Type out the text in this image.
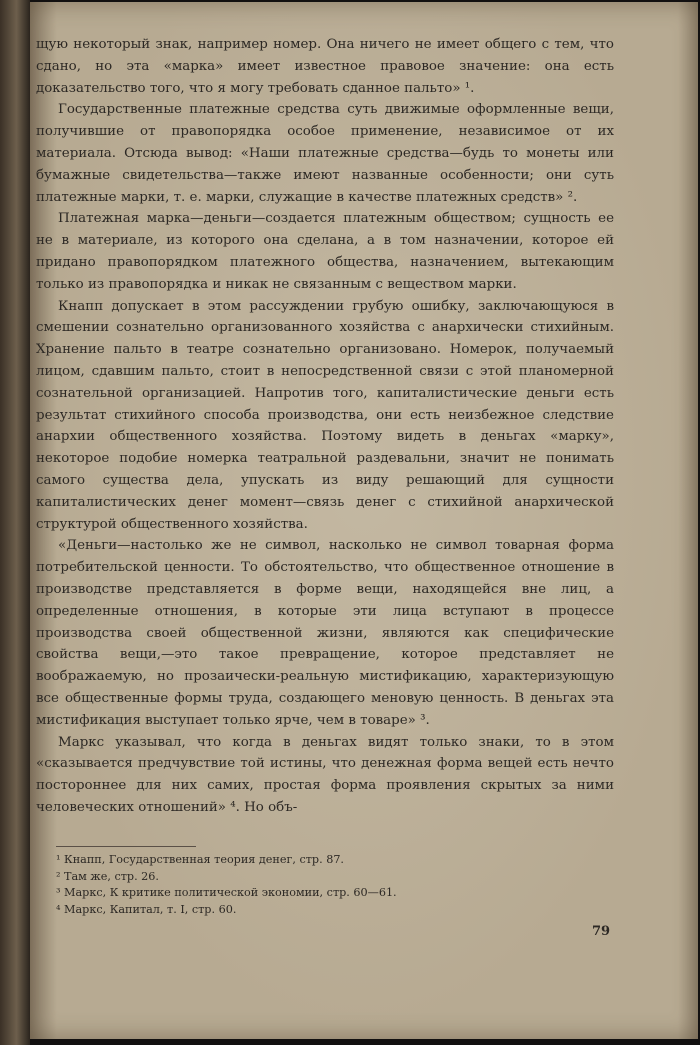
щую некоторый знак, например номер. Она ничего не имеет общего с тем, что сдано, но эта «марка» имеет известное правовое значение: она есть доказательство того, что я могу требовать сданное пальто» ¹.

Государственные платежные средства суть движимые оформленные вещи, получившие от правопорядка особое применение, независимое от их материала. Отсюда вывод: «Наши платежные средства—будь то монеты или бумажные свидетельства—также имеют названные особенности; они суть платежные марки, т. е. марки, служащие в качестве платежных средств» ².

Платежная марка—деньги—создается платежным обществом; сущность ее не в материале, из которого она сделана, а в том назначении, которое ей придано правопорядком платежного общества, назначением, вытекающим только из правопорядка и никак не связанным с веществом марки.

Кнапп допускает в этом рассуждении грубую ошибку, заключающуюся в смешении сознательно организованного хозяйства с анархически стихийным. Хранение пальто в театре сознательно организовано. Номерок, получаемый лицом, сдавшим пальто, стоит в непосредственной связи с этой планомерной сознательной организацией. Напротив того, капиталистические деньги есть результат стихийного способа производства, они есть неизбежное следствие анархии общественного хозяйства. Поэтому видеть в деньгах «марку», некоторое подобие номерка театральной раздевальни, значит не понимать самого существа дела, упускать из виду решающий для сущности капиталистических денег момент—связь денег с стихийной анархической структурой общественного хозяйства.

«Деньги—настолько же не символ, насколько не символ товарная форма потребительской ценности. То обстоятельство, что общественное отношение в производстве представляется в форме вещи, находящейся вне лиц, а определенные отношения, в которые эти лица вступают в процессе производства своей общественной жизни, являются как специфические свойства вещи,—это такое превращение, которое представляет не воображаемую, но прозаически-реальную мистификацию, характеризующую все общественные формы труда, создающего меновую ценность. В деньгах эта мистификация выступает только ярче, чем в товаре» ³.

Маркс указывал, что когда в деньгах видят только знаки, то в этом «сказывается предчувствие той истины, что денежная форма вещей есть нечто постороннее для них самих, простая форма проявления скрытых за ними человеческих отношений» ⁴. Но объ-

¹ Кнапп, Государственная теория денег, стр. 87.

² Там же, стр. 26.

³ Маркс, К критике политической экономии, стр. 60—61.

⁴ Маркс, Капитал, т. I, стр. 60.

79
